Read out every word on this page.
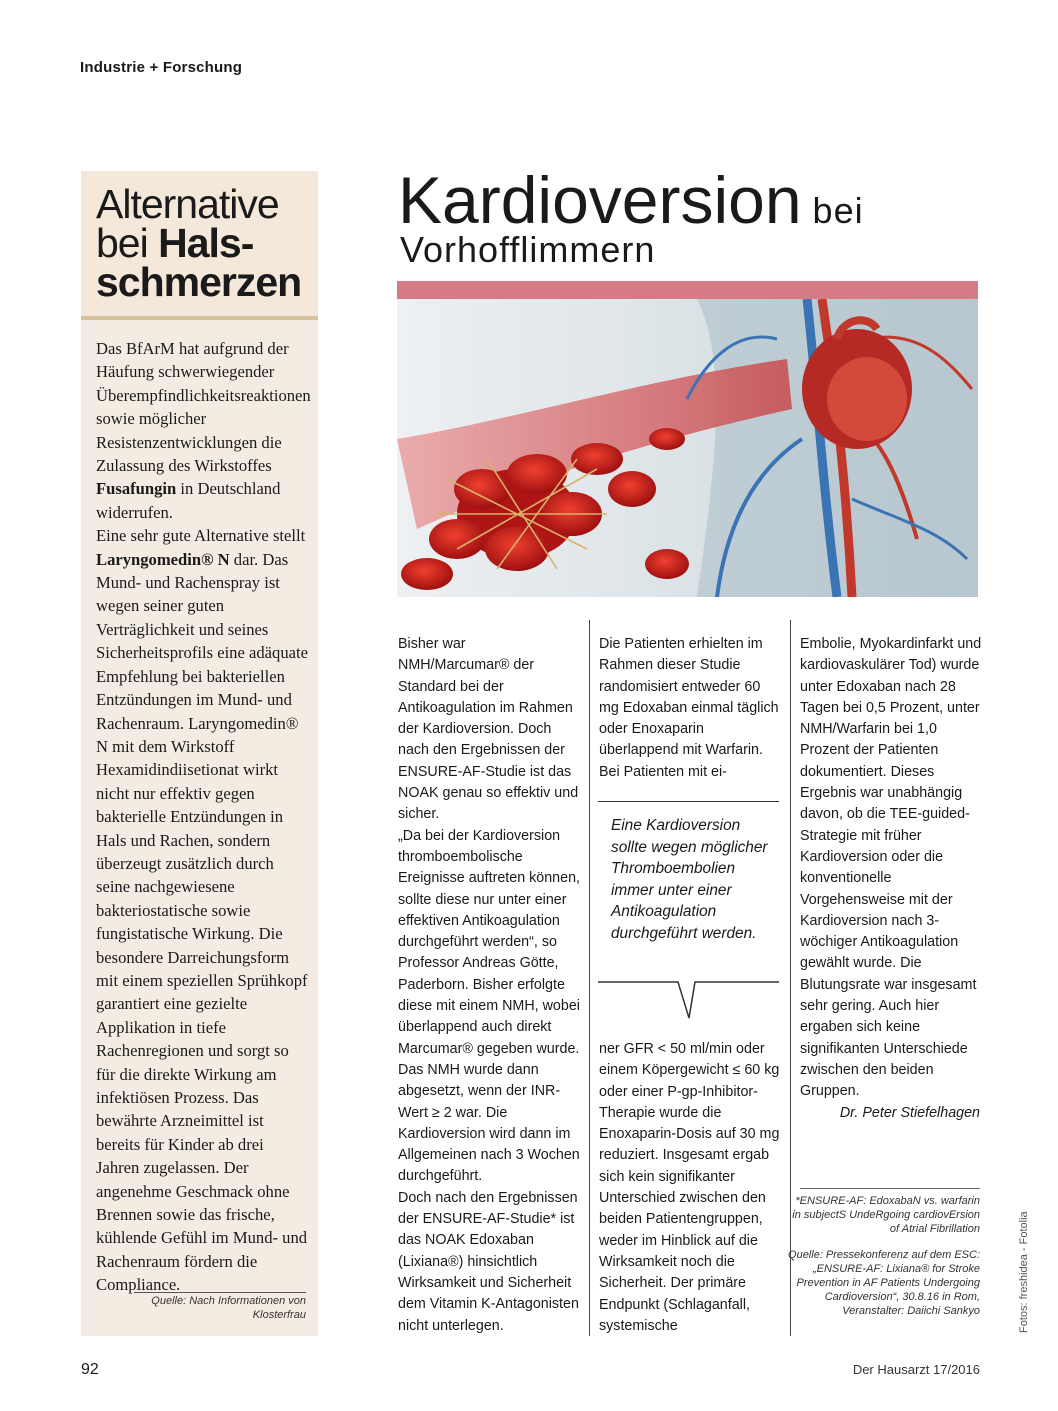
Industrie + Forschung
Alternative
bei Hals-
schmerzen

Das BfArM hat aufgrund der Häufung schwerwiegender Überempfindlichkeitsreaktionen sowie möglicher Resistenzentwicklungen die Zulassung des Wirkstoffes Fusafungin in Deutschland widerrufen.

Eine sehr gute Alternative stellt Laryngomedin® N dar. Das Mund- und Rachenspray ist wegen seiner guten Verträglichkeit und seines Sicherheitsprofils eine adäquate Empfehlung bei bakteriellen Entzündungen im Mund- und Rachenraum. Laryngomedin® N mit dem Wirkstoff Hexamidindiisetionat wirkt nicht nur effektiv gegen bakterielle Entzündungen in Hals und Rachen, sondern überzeugt zusätzlich durch seine nachgewiesene bakteriostatische sowie fungistatische Wirkung. Die besondere Darreichungsform mit einem speziellen Sprühkopf garantiert eine gezielte Applikation in tiefe Rachenregionen und sorgt so für die direkte Wirkung am infektiösen Prozess. Das bewährte Arzneimittel ist bereits für Kinder ab drei Jahren zugelassen. Der angenehme Geschmack ohne Brennen sowie das frische, kühlende Gefühl im Mund- und Rachenraum fördern die Compliance.

Quelle: Nach Informationen von Klosterfrau
Kardioversion bei
Vorhofflimmern

Bisher war NMH/Marcumar® der Standard bei der Antikoagulation im Rahmen der Kardioversion. Doch nach den Ergebnissen der ENSURE-AF-Studie ist das NOAK genau so effektiv und sicher.

„Da bei der Kardioversion thromboembolische Ereignisse auftreten können, sollte diese nur unter einer effektiven Antikoagulation durchgeführt werden“, so Professor Andreas Götte, Paderborn. Bisher erfolgte diese mit einem NMH, wobei überlappend auch direkt Marcumar® gegeben wurde. Das NMH wurde dann abgesetzt, wenn der INR-Wert ≥ 2 war. Die Kardioversion wird dann im Allgemeinen nach 3 Wochen durchgeführt.

Doch nach den Ergebnissen der ENSURE-AF-Studie* ist das NOAK Edoxaban (Lixiana®) hinsichtlich Wirksamkeit und Sicherheit dem Vitamin K-Antagonisten nicht unterlegen.

Die Patienten erhielten im Rahmen dieser Studie randomisiert entweder 60 mg Edoxaban einmal täglich oder Enoxaparin überlappend mit Warfarin. Bei Patienten mit ei-
Eine Kardioversion sollte wegen möglicher Thromboembolien immer unter einer Antikoagulation durchgeführt werden.
ner GFR < 50 ml/min oder einem Köpergewicht ≤ 60 kg oder einer P-gp-Inhibitor-Therapie wurde die Enoxaparin-Dosis auf 30 mg reduziert. Insgesamt ergab sich kein signifikanter Unterschied zwischen den beiden Patientengruppen, weder im Hinblick auf die Wirksamkeit noch die Sicherheit. Der primäre Endpunkt (Schlaganfall, systemische
Embolie, Myokardinfarkt und kardiovaskulärer Tod) wurde unter Edoxaban nach 28 Tagen bei 0,5 Prozent, unter NMH/Warfarin bei 1,0 Prozent der Patienten dokumentiert. Dieses Ergebnis war unabhängig davon, ob die TEE-guided-Strategie mit früher Kardioversion oder die konventionelle Vorgehensweise mit der Kardioversion nach 3-wöchiger Antikoagulation gewählt wurde. Die Blutungsrate war insgesamt sehr gering. Auch hier ergaben sich keine signifikanten Unterschiede zwischen den beiden Gruppen.
Dr. Peter Stiefelhagen
*ENSURE-AF: EdoxabaN vs. warfarin in subjectS UndeRgoing cardiovErsion of Atrial Fibrillation
Quelle: Pressekonferenz auf dem ESC: „ENSURE-AF: Lixiana® for Stroke Prevention in AF Patients Undergoing Cardioversion“, 30.8.16 in Rom, Veranstalter: Daiichi Sankyo	Fotos: freshidea - Fotolia
92	Der Hausarzt 17/2016
